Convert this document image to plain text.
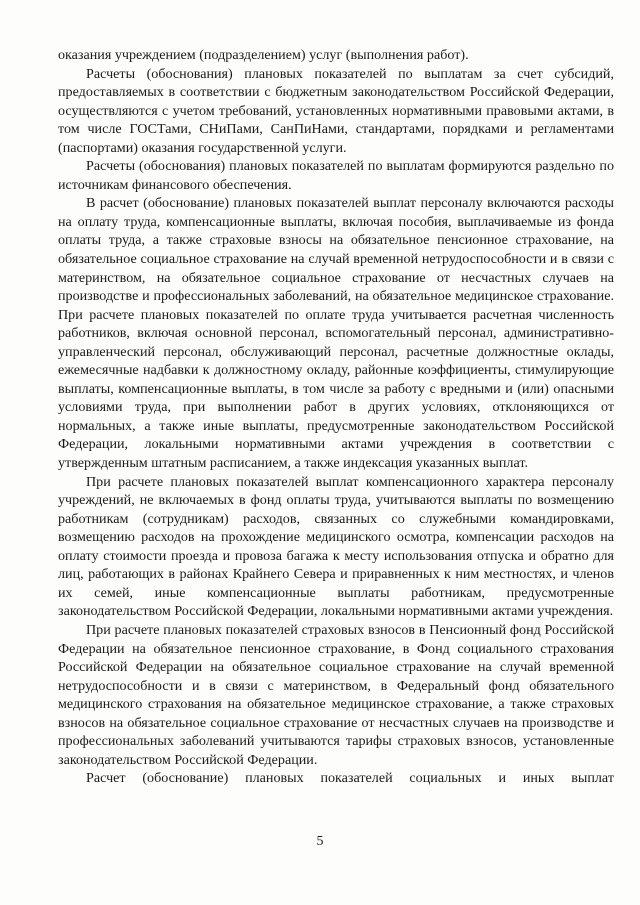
оказания учреждением (подразделением) услуг (выполнения работ).

Расчеты (обоснования) плановых показателей по выплатам за счет субсидий, предоставляемых в соответствии с бюджетным законодательством Российской Федерации, осуществляются с учетом требований, установленных нормативными правовыми актами, в том числе ГОСТами, СНиПами, СанПиНами, стандартами, порядками и регламентами (паспортами) оказания государственной услуги.

Расчеты (обоснования) плановых показателей по выплатам формируются раздельно по источникам финансового обеспечения.

В расчет (обоснование) плановых показателей выплат персоналу включаются расходы на оплату труда, компенсационные выплаты, включая пособия, выплачиваемые из фонда оплаты труда, а также страховые взносы на обязательное пенсионное страхование, на обязательное социальное страхование на случай временной нетрудоспособности и в связи с материнством, на обязательное социальное страхование от несчастных случаев на производстве и профессиональных заболеваний, на обязательное медицинское страхование. При расчете плановых показателей по оплате труда учитывается расчетная численность работников, включая основной персонал, вспомогательный персонал, административно-управленческий персонал, обслуживающий персонал, расчетные должностные оклады, ежемесячные надбавки к должностному окладу, районные коэффициенты, стимулирующие выплаты, компенсационные выплаты, в том числе за работу с вредными и (или) опасными условиями труда, при выполнении работ в других условиях, отклоняющихся от нормальных, а также иные выплаты, предусмотренные законодательством Российской Федерации, локальными нормативными актами учреждения в соответствии с утвержденным штатным расписанием, а также индексация указанных выплат.

При расчете плановых показателей выплат компенсационного характера персоналу учреждений, не включаемых в фонд оплаты труда, учитываются выплаты по возмещению работникам (сотрудникам) расходов, связанных со служебными командировками, возмещению расходов на прохождение медицинского осмотра, компенсации расходов на оплату стоимости проезда и провоза багажа к месту использования отпуска и обратно для лиц, работающих в районах Крайнего Севера и приравненных к ним местностях, и членов их семей, иные компенсационные выплаты работникам, предусмотренные законодательством Российской Федерации, локальными нормативными актами учреждения.

При расчете плановых показателей страховых взносов в Пенсионный фонд Российской Федерации на обязательное пенсионное страхование, в Фонд социального страхования Российской Федерации на обязательное социальное страхование на случай временной нетрудоспособности и в связи с материнством, в Федеральный фонд обязательного медицинского страхования на обязательное медицинское страхование, а также страховых взносов на обязательное социальное страхование от несчастных случаев на производстве и профессиональных заболеваний учитываются тарифы страховых взносов, установленные законодательством Российской Федерации.

Расчет (обоснование) плановых показателей социальных и иных выплат

5
